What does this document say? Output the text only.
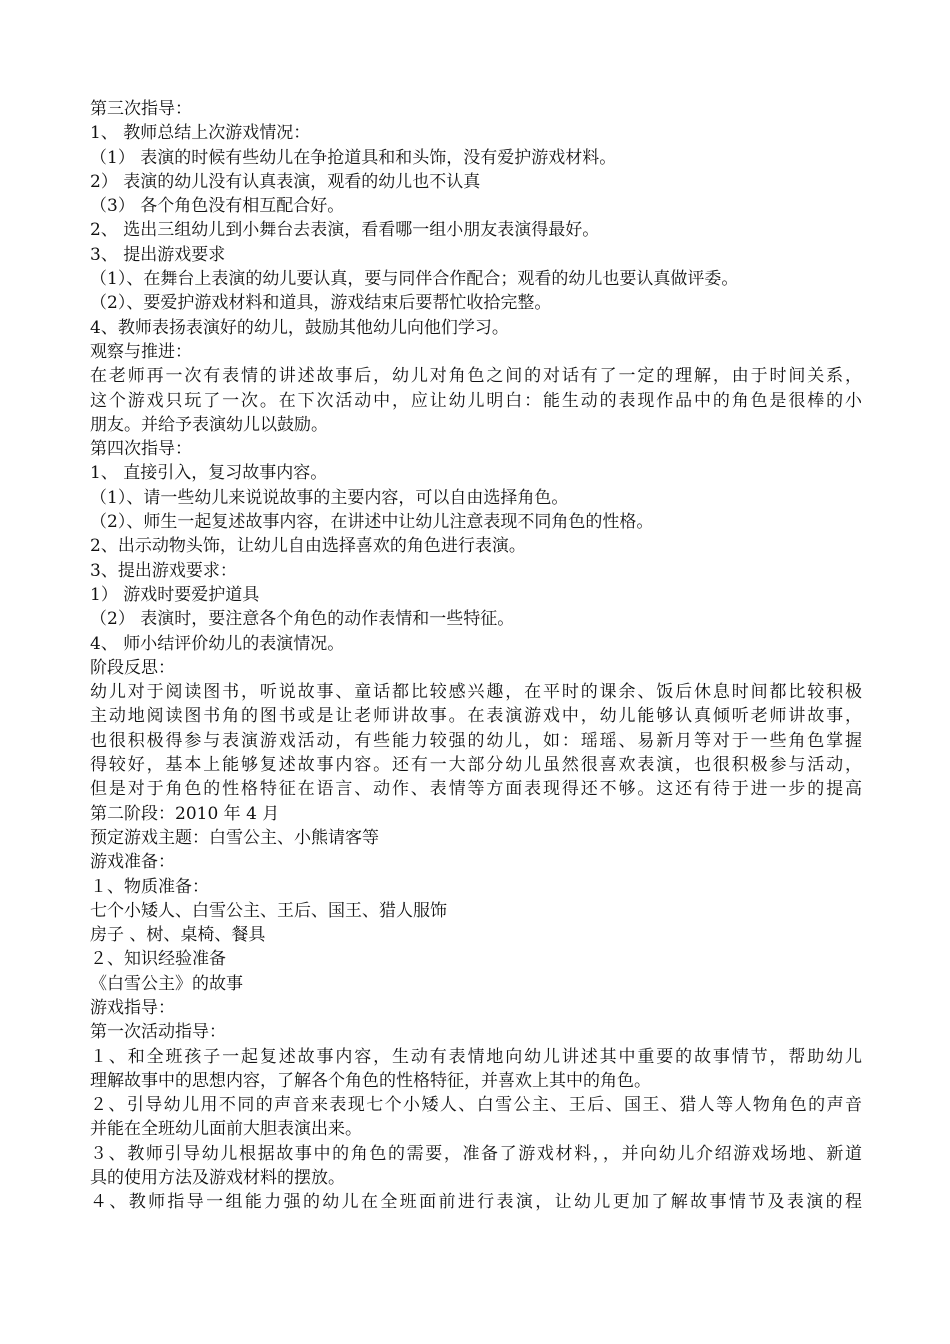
第三次指导：

1、 教师总结上次游戏情况：

（1） 表演的时候有些幼儿在争抢道具和和头饰，没有爱护游戏材料。

2） 表演的幼儿没有认真表演，观看的幼儿也不认真

（3） 各个角色没有相互配合好。

2、 选出三组幼儿到小舞台去表演，看看哪一组小朋友表演得最好。

3、 提出游戏要求

（1）、在舞台上表演的幼儿要认真，要与同伴合作配合；观看的幼儿也要认真做评委。

（2）、要爱护游戏材料和道具，游戏结束后要帮忙收拾完整。

4、教师表扬表演好的幼儿，鼓励其他幼儿向他们学习。

观察与推进：

在老师再一次有表情的讲述故事后，幼儿对角色之间的对话有了一定的理解，由于时间关系，

这个游戏只玩了一次。在下次活动中，应让幼儿明白：能生动的表现作品中的角色是很棒的小

朋友。并给予表演幼儿以鼓励。

第四次指导：

1、 直接引入，复习故事内容。

（1）、请一些幼儿来说说故事的主要内容，可以自由选择角色。

（2）、师生一起复述故事内容，在讲述中让幼儿注意表现不同角色的性格。

2、出示动物头饰，让幼儿自由选择喜欢的角色进行表演。

3、提出游戏要求：

1） 游戏时要爱护道具

（2） 表演时，要注意各个角色的动作表情和一些特征。

4、 师小结评价幼儿的表演情况。

阶段反思：

幼儿对于阅读图书，听说故事、童话都比较感兴趣，在平时的课余、饭后休息时间都比较积极

主动地阅读图书角的图书或是让老师讲故事。在表演游戏中，幼儿能够认真倾听老师讲故事，

也很积极得参与表演游戏活动，有些能力较强的幼儿，如：瑶瑶、易新月等对于一些角色掌握

得较好，基本上能够复述故事内容。还有一大部分幼儿虽然很喜欢表演，也很积极参与活动，

但是对于角色的性格特征在语言、动作、表情等方面表现得还不够。这还有待于进一步的提高

第二阶段：2010 年 4 月

预定游戏主题：白雪公主、小熊请客等

游戏准备：

１、物质准备：

七个小矮人、白雪公主、王后、国王、猎人服饰

房子 、树、桌椅、餐具

２、知识经验准备

《白雪公主》的故事

游戏指导：

第一次活动指导：

１、和全班孩子一起复述故事内容，生动有表情地向幼儿讲述其中重要的故事情节，帮助幼儿

理解故事中的思想内容，了解各个角色的性格特征，并喜欢上其中的角色。

２、引导幼儿用不同的声音来表现七个小矮人、白雪公主、王后、国王、猎人等人物角色的声音

并能在全班幼儿面前大胆表演出来。

３、教师引导幼儿根据故事中的角色的需要，准备了游戏材料，，并向幼儿介绍游戏场地、新道

具的使用方法及游戏材料的摆放。

４、教师指导一组能力强的幼儿在全班面前进行表演，让幼儿更加了解故事情节及表演的程
